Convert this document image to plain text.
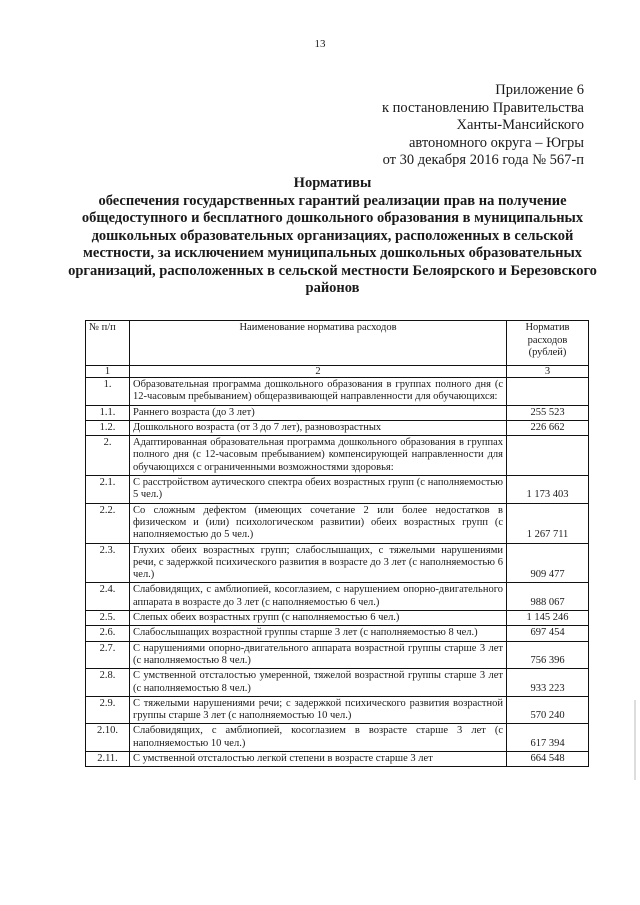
13
Приложение 6
к постановлению Правительства
Ханты-Мансийского
автономного округа – Югры
от 30 декабря 2016 года № 567-п
Нормативы
обеспечения государственных гарантий реализации прав на получение общедоступного и бесплатного дошкольного образования в муниципальных дошкольных образовательных организациях, расположенных в сельской местности, за исключением муниципальных дошкольных образовательных организаций, расположенных в сельской местности Белоярского и Березовского районов
№ п/п	Наименование норматива расходов	Норматив расходов (рублей)
1	2	3
1.	Образовательная программа дошкольного образования в группах полного дня (с 12-часовым пребыванием) общеразвивающей направленности для обучающихся:	
1.1.	Раннего возраста (до 3 лет)	255 523
1.2.	Дошкольного возраста (от 3 до 7 лет), разновозрастных	226 662
2.	Адаптированная образовательная программа дошкольного образования в группах полного дня (с 12-часовым пребыванием) компенсирующей направленности для обучающихся с ограниченными возможностями здоровья:	
2.1.	С расстройством аутического спектра обеих возрастных групп (с наполняемостью 5 чел.)	1 173 403
2.2.	Со сложным дефектом (имеющих сочетание 2 или более недостатков в физическом и (или) психологическом развитии) обеих возрастных групп (с наполняемостью до 5 чел.)	1 267 711
2.3.	Глухих обеих возрастных групп; слабослышащих, с тяжелыми нарушениями речи, с задержкой психического развития в возрасте до 3 лет (с наполняемостью 6 чел.)	909 477
2.4.	Слабовидящих, с амблиопией, косоглазием, с нарушением опорно-двигательного аппарата в возрасте до 3 лет (с наполняемостью 6 чел.)	988 067
2.5.	Слепых обеих возрастных групп (с наполняемостью 6 чел.)	1 145 246
2.6.	Слабослышащих возрастной группы старше 3 лет (с наполняемостью 8 чел.)	697 454
2.7.	С нарушениями опорно-двигательного аппарата возрастной группы старше 3 лет (с наполняемостью 8 чел.)	756 396
2.8.	С умственной отсталостью умеренной, тяжелой возрастной группы старше 3 лет (с наполняемостью 8 чел.)	933 223
2.9.	С тяжелыми нарушениями речи; с задержкой психического развития возрастной группы старше 3 лет (с наполняемостью 10 чел.)	570 240
2.10.	Слабовидящих, с амблиопией, косоглазием в возрасте старше 3 лет (с наполняемостью 10 чел.)	617 394
2.11.	С умственной отсталостью легкой степени в возрасте старше 3 лет	664 548
